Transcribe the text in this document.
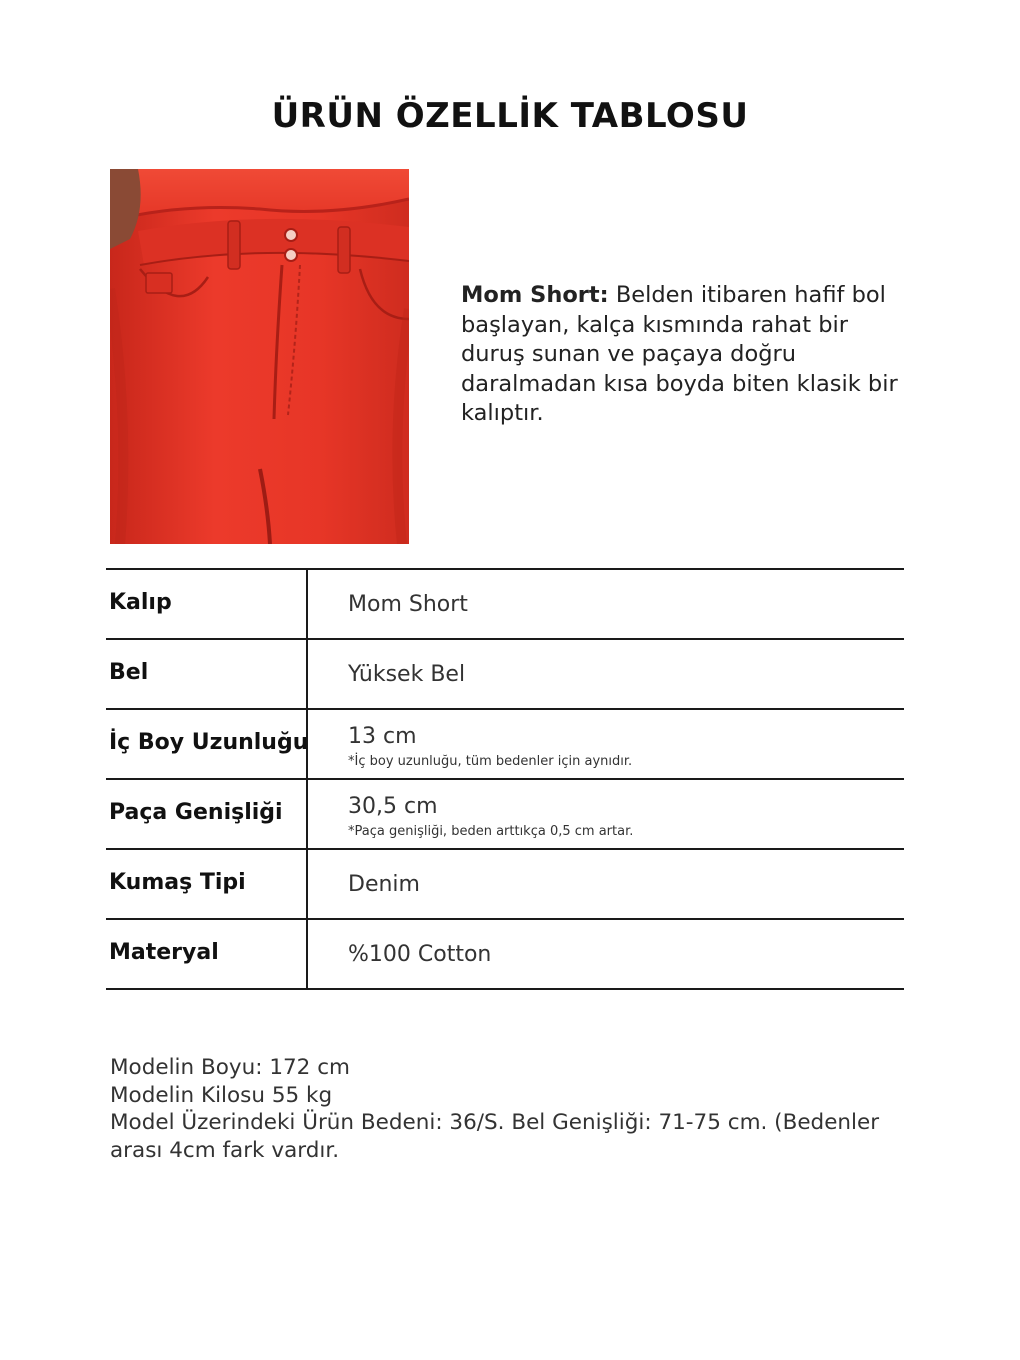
ÜRÜN ÖZELLİK TABLOSU
Mom Short: Belden itibaren hafif bol başlayan, kalça kısmında rahat bir duruş sunan ve paçaya doğru daralmadan kısa boyda biten klasik bir kalıptır.
Kalıp	Mom Short
Bel	Yüksek Bel
İç Boy Uzunluğu 13 cm
*İç boy uzunluğu, tüm bedenler için aynıdır.
Paça Genişliği	30,5 cm
*Paça genişliği, beden arttıkça 0,5 cm artar.
Kumaş Tipi	Denim
Materyal	%100 Cotton
Modelin Boyu: 172 cm
Modelin Kilosu 55 kg
Model Üzerindeki Ürün Bedeni: 36/S. Bel Genişliği: 71-75 cm. (Bedenler arası 4cm fark vardır.
